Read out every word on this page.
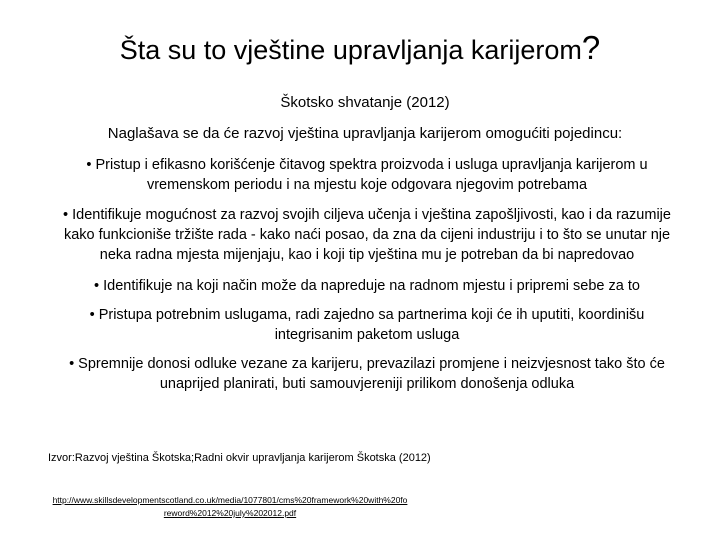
Šta su to vještine upravljanja karijerom?
Škotsko shvatanje (2012)
Naglašava se da će razvoj vještina upravljanja karijerom omogućiti pojedincu:
• Pristup i efikasno korišćenje čitavog spektra proizvoda i usluga upravljanja karijerom u vremenskom periodu i na mjestu koje odgovara njegovim potrebama
• Identifikuje mogućnost za razvoj svojih ciljeva učenja i vještina zapošljivosti, kao i da razumije kako funkcioniše tržište rada - kako naći posao, da zna da cijeni industriju i to što se unutar nje neka radna mjesta mijenjaju, kao i koji tip vještina mu je potreban da bi napredovao
• Identifikuje na koji način može da napreduje na radnom mjestu i pripremi sebe za to
• Pristupa potrebnim uslugama, radi zajedno sa partnerima koji će ih uputiti, koordinišu integrisanim paketom usluga
• Spremnije donosi odluke vezane za karijeru, prevazilazi promjene i neizvjesnost tako što će unaprijed planirati, buti samouvjereniji prilikom donošenja odluka
Izvor:Razvoj vještina Škotska;Radni okvir upravljanja karijerom Škotska (2012)
http://www.skillsdevelopmentscotland.co.uk/media/1077801/cms%20framework%20with%20fo
reword%2012%20july%202012.pdf
